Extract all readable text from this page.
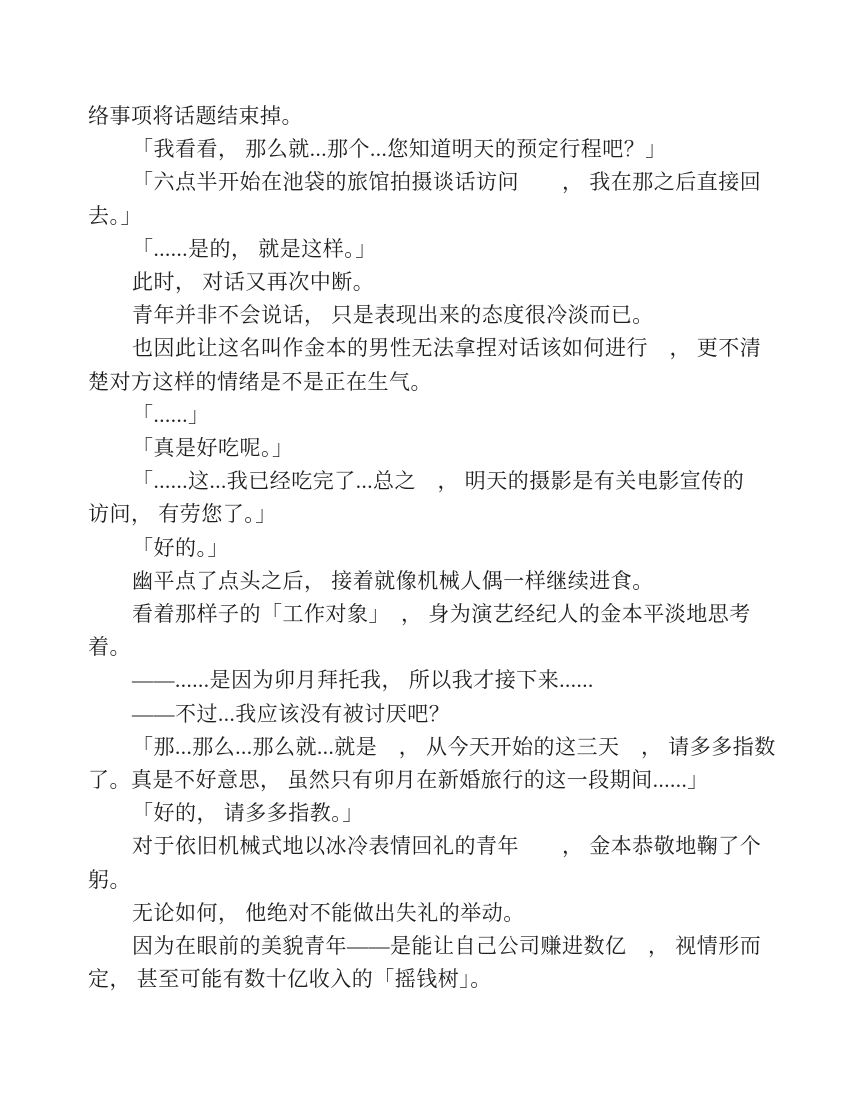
络事项将话题结束掉。
「我看看， 那么就...那个...您知道明天的预定行程吧？」
「六点半开始在池袋的旅馆拍摄谈话访问　　， 我在那之后直接回
去。」
「......是的， 就是这样。」
此时， 对话又再次中断。
青年并非不会说话， 只是表现出来的态度很冷淡而已。
也因此让这名叫作金本的男性无法拿捏对话该如何进行　， 更不清
楚对方这样的情绪是不是正在生气。
「......」
「真是好吃呢。」
「......这...我已经吃完了...总之　， 明天的摄影是有关电影宣传的
访问， 有劳您了。」
「好的。」
幽平点了点头之后， 接着就像机械人偶一样继续进食。
看着那样子的「工作对象」　， 身为演艺经纪人的金本平淡地思考
着。
——......是因为卯月拜托我， 所以我才接下来......
——不过...我应该没有被讨厌吧？
「那...那么...那么就...就是　， 从今天开始的这三天　， 请多多指数
了。真是不好意思， 虽然只有卯月在新婚旅行的这一段期间......」
「好的， 请多多指教。」
对于依旧机械式地以冰冷表情回礼的青年　　， 金本恭敬地鞠了个
躬。
无论如何， 他绝对不能做出失礼的举动。
因为在眼前的美貌青年——是能让自己公司赚进数亿　， 视情形而
定， 甚至可能有数十亿收入的「摇钱树」。
